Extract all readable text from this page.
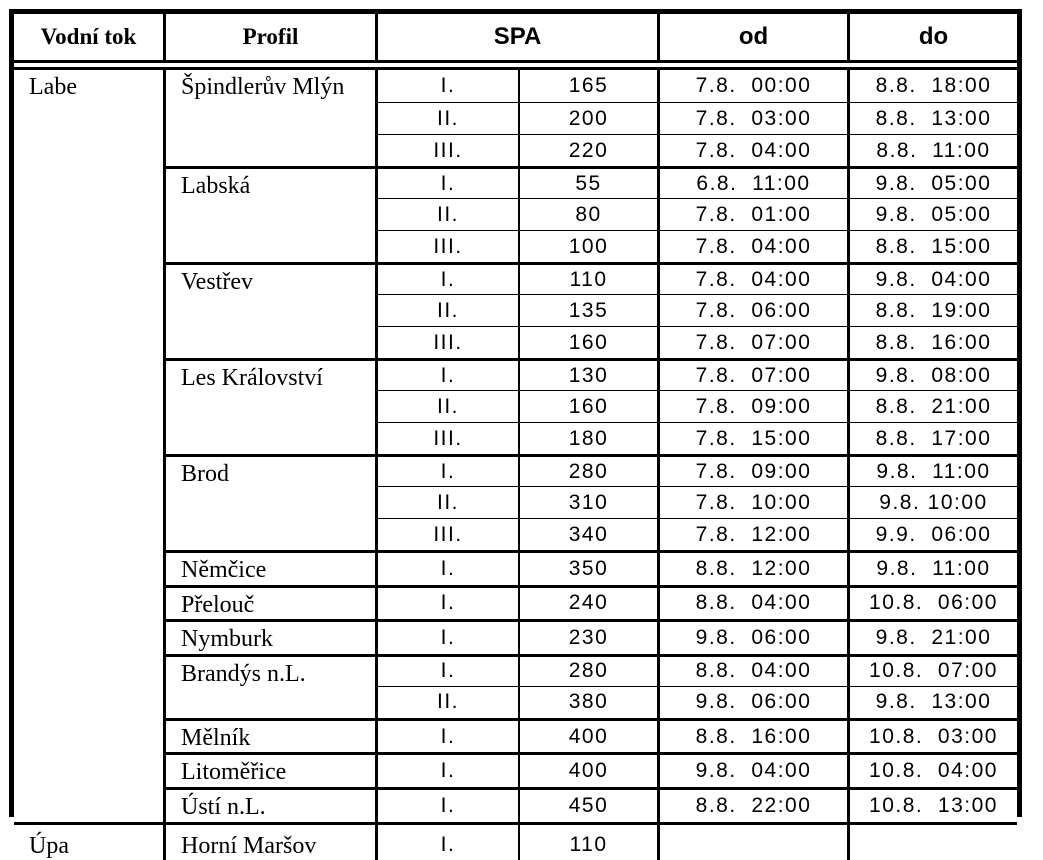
Vodní tok	Profil	SPA		od	do

Labe	Špindlerův Mlýn	I.	165	7.8.  00:00	8.8.  18:00
		II.	200	7.8.  03:00	8.8.  13:00
		III.	220	7.8.  04:00	8.8.  11:00
	Labská	I.	55	6.8.  11:00	9.8.  05:00
		II.	80	7.8.  01:00	9.8.  05:00
		III.	100	7.8.  04:00	8.8.  15:00
	Vestřev	I.	110	7.8.  04:00	9.8.  04:00
		II.	135	7.8.  06:00	8.8.  19:00
		III.	160	7.8.  07:00	8.8.  16:00
	Les Království	I.	130	7.8.  07:00	9.8.  08:00
		II.	160	7.8.  09:00	8.8.  21:00
		III.	180	7.8.  15:00	8.8.  17:00
	Brod	I.	280	7.8.  09:00	9.8.  11:00
		II.	310	7.8.  10:00	9.8. 10:00
		III.	340	7.8.  12:00	9.9.  06:00
	Němčice	I.	350	8.8.  12:00	9.8.  11:00
	Přelouč	I.	240	8.8.  04:00	10.8.  06:00
	Nymburk	I.	230	9.8.  06:00	9.8.  21:00
	Brandýs n.L.	I.	280	8.8.  04:00	10.8.  07:00
		II.	380	9.8.  06:00	9.8.  13:00
	Mělník	I.	400	8.8.  16:00	10.8.  03:00
	Litoměřice	I.	400	9.8.  04:00	10.8.  04:00
	Ústí n.L.	I.	450	8.8.  22:00	10.8.  13:00
Úpa	Horní Maršov	I.	110		
